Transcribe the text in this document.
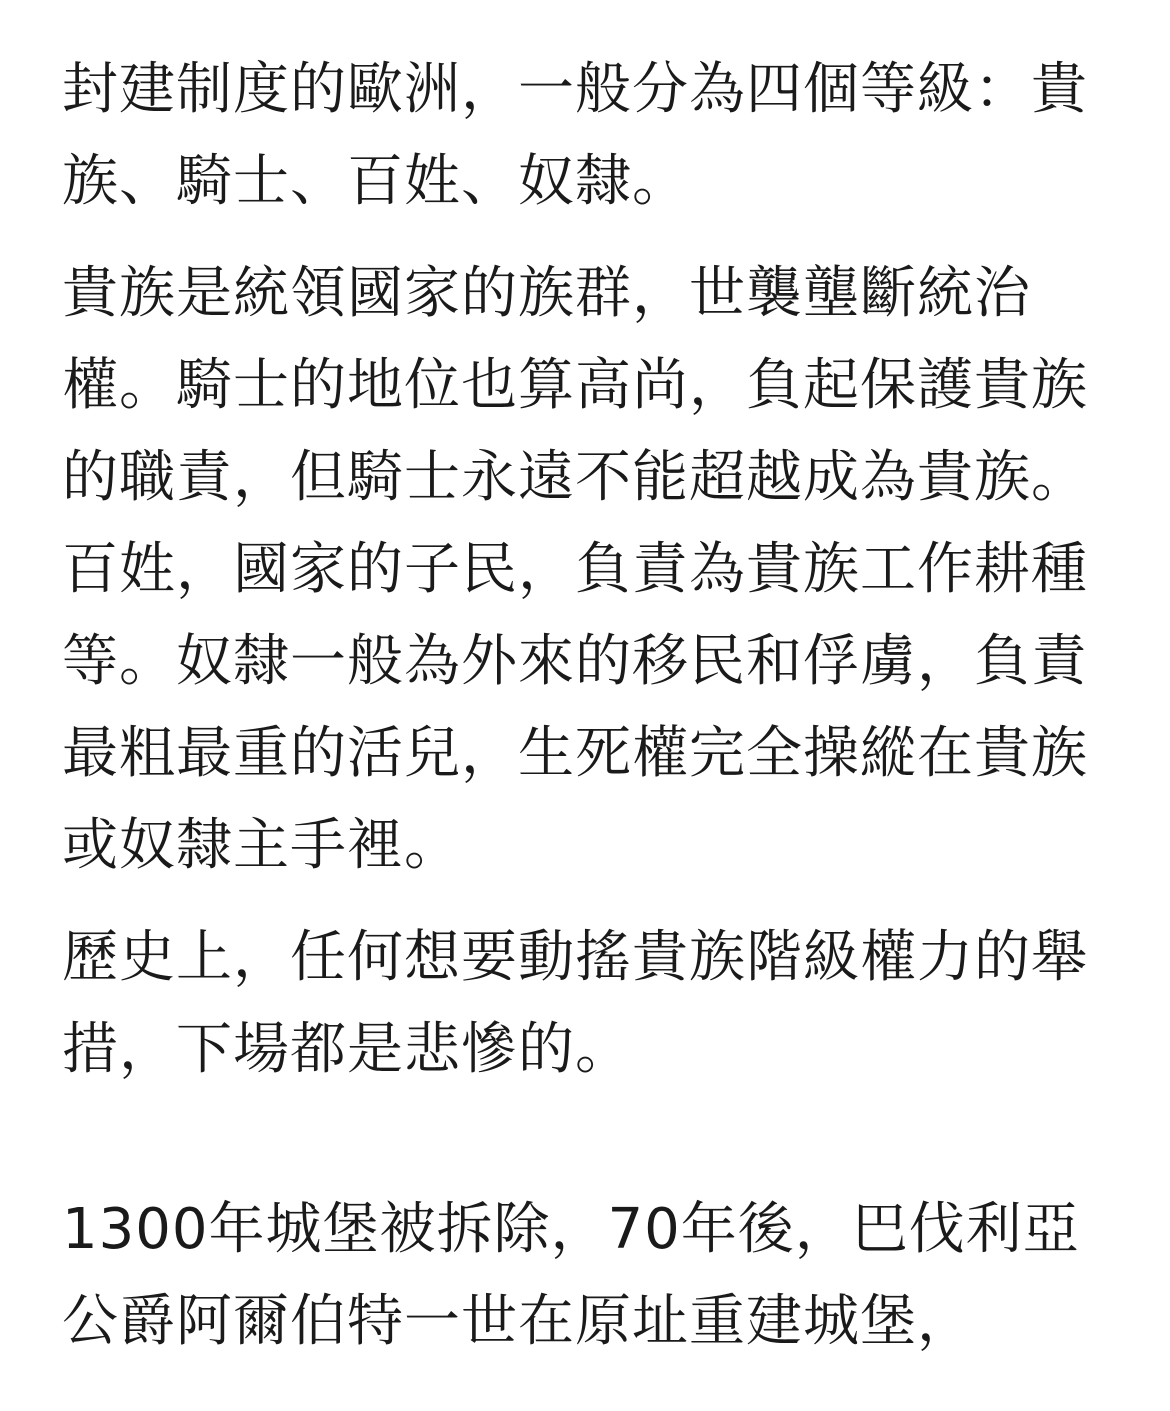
封建制度的歐洲，一般分為四個等級：貴族、騎士、百姓、奴隸。

貴族是統領國家的族群，世襲壟斷統治權。騎士的地位也算高尚，負起保護貴族的職責，但騎士永遠不能超越成為貴族。百姓，國家的子民，負責為貴族工作耕種等。奴隸一般為外來的移民和俘虜，負責最粗最重的活兒，生死權完全操縱在貴族或奴隸主手裡。

歷史上，任何想要動搖貴族階級權力的舉措，下場都是悲慘的。

1300年城堡被拆除，70年後，巴伐利亞公爵阿爾伯特一世在原址重建城堡，
